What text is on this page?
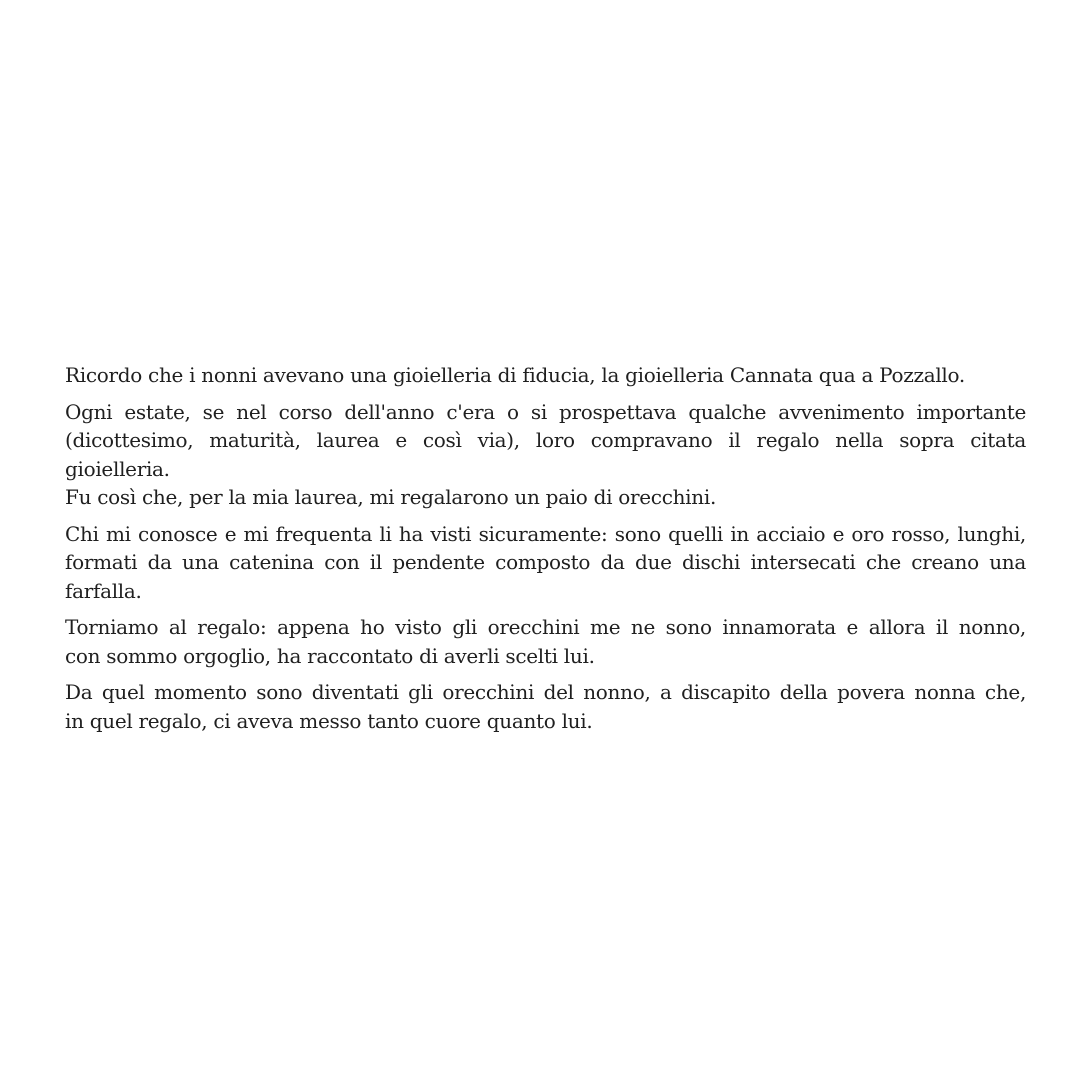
Ricordo che i nonni avevano una gioielleria di fiducia, la gioielleria Cannata qua a Pozzallo.

Ogni estate, se nel corso dell'anno c'era o si prospettava qualche avvenimento importante
(dicottesimo, maturità, laurea e così via), loro compravano il regalo nella sopra citata
gioielleria.
Fu così che, per la mia laurea, mi regalarono un paio di orecchini.

Chi mi conosce e mi frequenta li ha visti sicuramente: sono quelli in acciaio e oro rosso, lunghi,
formati da una catenina con il pendente composto da due dischi intersecati che creano una
farfalla.

Torniamo al regalo: appena ho visto gli orecchini me ne sono innamorata e allora il nonno,
con sommo orgoglio, ha raccontato di averli scelti lui.

Da quel momento sono diventati gli orecchini del nonno, a discapito della povera nonna che,
in quel regalo, ci aveva messo tanto cuore quanto lui.
